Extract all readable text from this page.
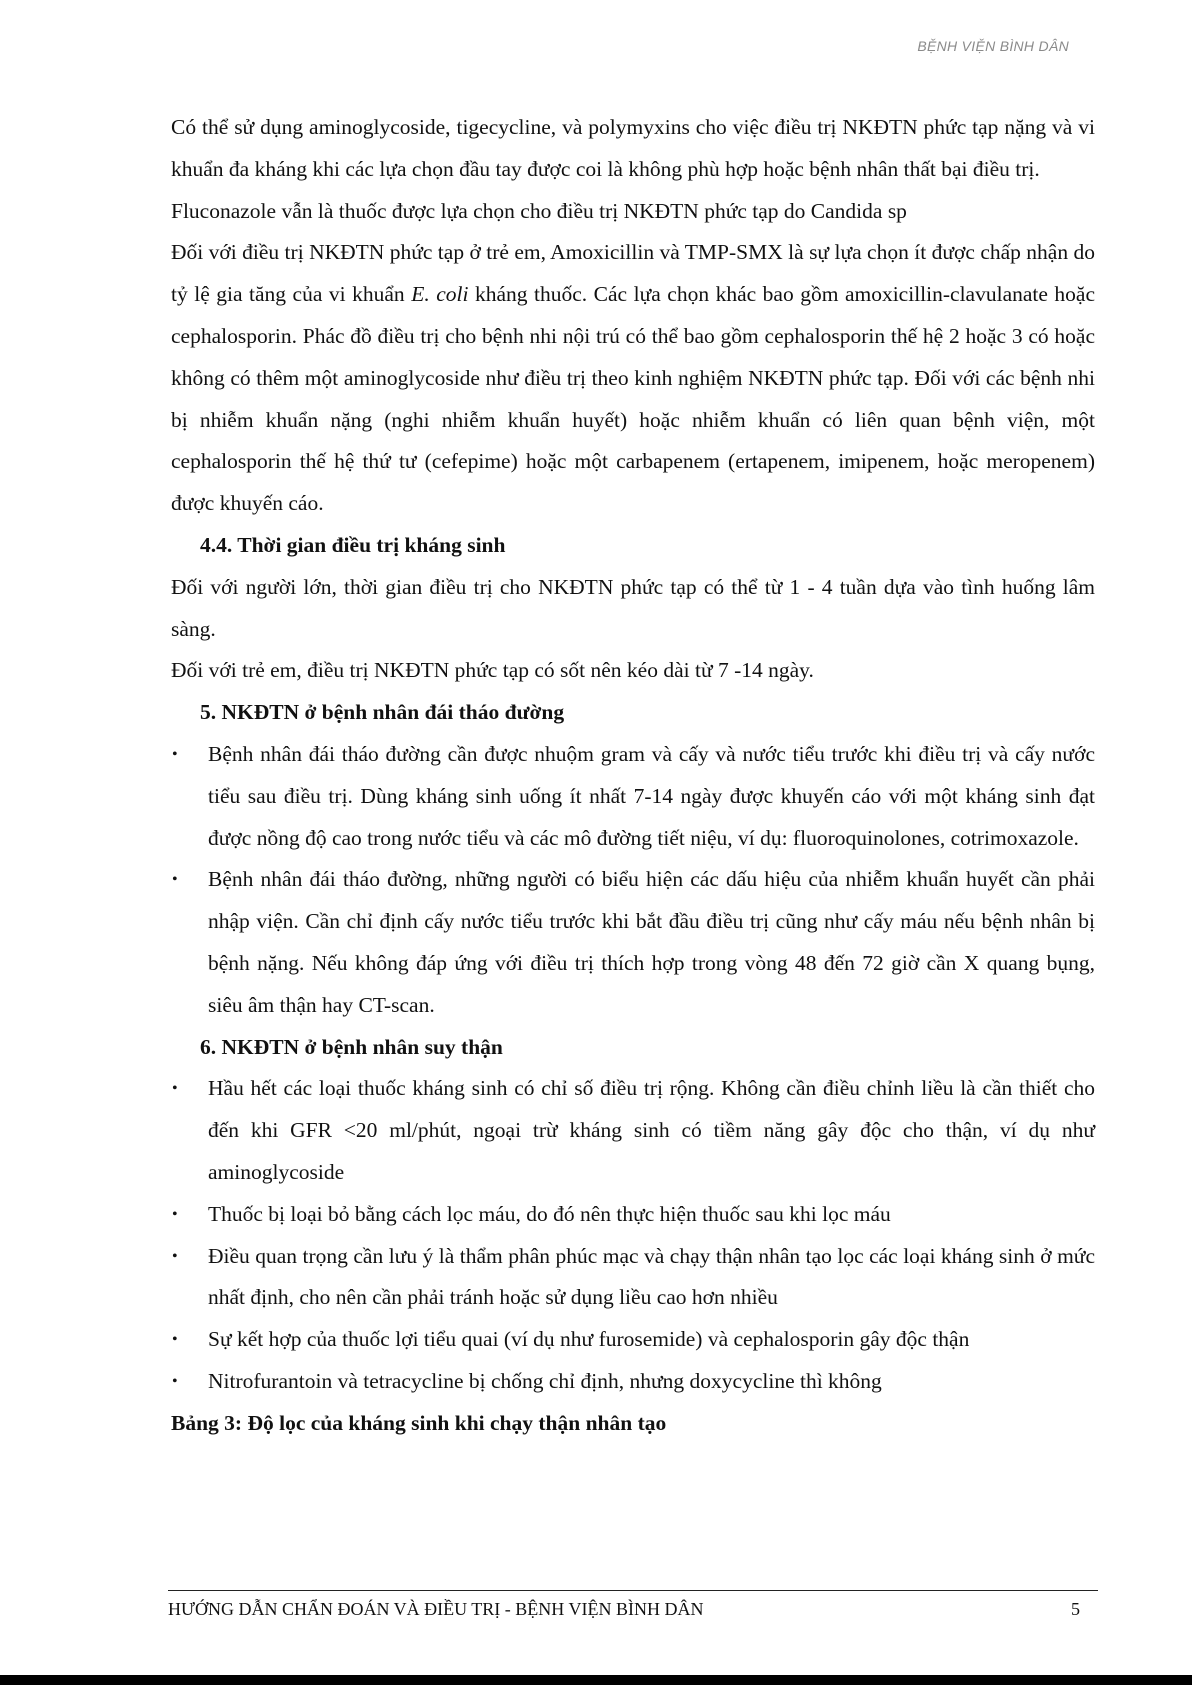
BỆNH VIỆN BÌNH DÂN

Có thể sử dụng aminoglycoside, tigecycline, và polymyxins cho việc điều trị NKĐTN phức tạp nặng và vi khuẩn đa kháng khi các lựa chọn đầu tay được coi là không phù hợp hoặc bệnh nhân thất bại điều trị.

Fluconazole vẫn là thuốc được lựa chọn cho điều trị NKĐTN phức tạp do Candida sp

Đối với điều trị NKĐTN phức tạp ở trẻ em, Amoxicillin và TMP-SMX là sự lựa chọn ít được chấp nhận do tỷ lệ gia tăng của vi khuẩn E. coli kháng thuốc. Các lựa chọn khác bao gồm amoxicillin-clavulanate hoặc cephalosporin. Phác đồ điều trị cho bệnh nhi nội trú có thể bao gồm cephalosporin thế hệ 2 hoặc 3 có hoặc không có thêm một aminoglycoside như điều trị theo kinh nghiệm NKĐTN phức tạp. Đối với các bệnh nhi bị nhiễm khuẩn nặng (nghi nhiễm khuẩn huyết) hoặc nhiễm khuẩn có liên quan bệnh viện, một cephalosporin thế hệ thứ tư (cefepime) hoặc một carbapenem (ertapenem, imipenem, hoặc meropenem) được khuyến cáo.

4.4. Thời gian điều trị kháng sinh

Đối với người lớn, thời gian điều trị cho NKĐTN phức tạp có thể từ 1 - 4 tuần dựa vào tình huống lâm sàng.

Đối với trẻ em, điều trị NKĐTN phức tạp có sốt nên kéo dài từ 7 -14 ngày.

5. NKĐTN ở bệnh nhân đái tháo đường

• Bệnh nhân đái tháo đường cần được nhuộm gram và cấy và nước tiểu trước khi điều trị và cấy nước tiểu sau điều trị. Dùng kháng sinh uống ít nhất 7-14 ngày được khuyến cáo với một kháng sinh đạt được nồng độ cao trong nước tiểu và các mô đường tiết niệu, ví dụ: fluoroquinolones, cotrimoxazole.
• Bệnh nhân đái tháo đường, những người có biểu hiện các dấu hiệu của nhiễm khuẩn huyết cần phải nhập viện. Cần chỉ định cấy nước tiểu trước khi bắt đầu điều trị cũng như cấy máu nếu bệnh nhân bị bệnh nặng. Nếu không đáp ứng với điều trị thích hợp trong vòng 48 đến 72 giờ cần X quang bụng, siêu âm thận hay CT-scan.

6. NKĐTN ở bệnh nhân suy thận

• Hầu hết các loại thuốc kháng sinh có chỉ số điều trị rộng. Không cần điều chỉnh liều là cần thiết cho đến khi GFR <20 ml/phút, ngoại trừ kháng sinh có tiềm năng gây độc cho thận, ví dụ như aminoglycoside
• Thuốc bị loại bỏ bằng cách lọc máu, do đó nên thực hiện thuốc sau khi lọc máu
• Điều quan trọng cần lưu ý là thẩm phân phúc mạc và chạy thận nhân tạo lọc các loại kháng sinh ở mức nhất định, cho nên cần phải tránh hoặc sử dụng liều cao hơn nhiều
• Sự kết hợp của thuốc lợi tiểu quai (ví dụ như furosemide) và cephalosporin gây độc thận
• Nitrofurantoin và tetracycline bị chống chỉ định, nhưng doxycycline thì không

Bảng 3: Độ lọc của kháng sinh khi chạy thận nhân tạo

HƯỚNG DẪN CHẨN ĐOÁN VÀ ĐIỀU TRỊ - BỆNH VIỆN BÌNH DÂN	5
